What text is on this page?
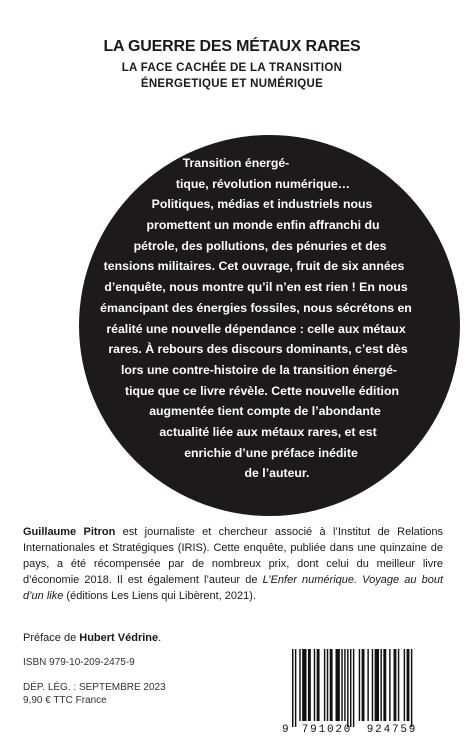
LA GUERRE DES MÉTAUX RARES
LA FACE CACHÉE DE LA TRANSITION
ÉNERGETIQUE ET NUMÉRIQUE
Transition énergé-
tique, révolution numérique…
Politiques, médias et industriels nous
promettent un monde enfin affranchi du
pétrole, des pollutions, des pénuries et des
tensions militaires. Cet ouvrage, fruit de six années
d’enquête, nous montre qu’il n’en est rien ! En nous
émancipant des énergies fossiles, nous sécrétons en
réalité une nouvelle dépendance : celle aux métaux
rares. À rebours des discours dominants, c’est dès
lors une contre-histoire de la transition énergé-
tique que ce livre révèle. Cette nouvelle édition
augmentée tient compte de l’abondante
actualité liée aux métaux rares, et est
enrichie d’une préface inédite
de l’auteur.
Guillaume Pitron est journaliste et chercheur associé à l’Institut de Relations Internationales et Stratégiques (IRIS). Cette enquête, publiée dans une quinzaine de pays, a été récompensée par de nombreux prix, dont celui du meilleur livre d’économie 2018. Il est également l’auteur de L’Enfer numérique. Voyage au bout d’un like (éditions Les Liens qui Libèrent, 2021).
Préface de Hubert Védrine.
ISBN 979-10-209-2475-9
DÉP. LÉG. : SEPTEMBRE 2023
9,90 € TTC France
9 791020 924759
